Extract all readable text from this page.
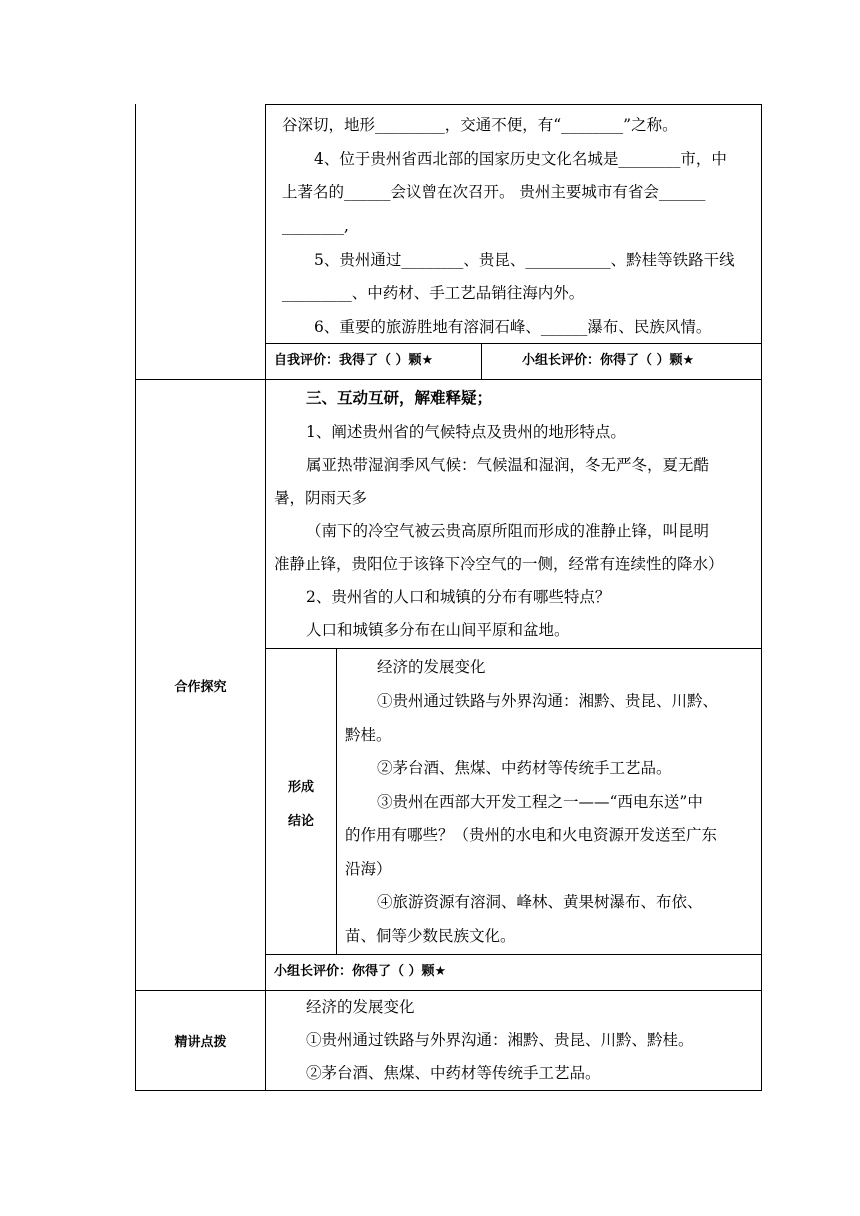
谷深切，地形_________，交通不便，有“________”之称。
4、位于贵州省西北部的国家历史文化名城是________市，中
上著名的______会议曾在次召开。 贵州主要城市有省会______
________,
5、贵州通过________、贵昆、___________、黔桂等铁路干线
_________、中药材、手工艺品销往海内外。
6、重要的旅游胜地有溶洞石峰、______瀑布、民族风情。
自我评价：我得了（ ）颗★	小组长评价：你得了（ ）颗★
合作探究
三、互动互研，解难释疑；
1、阐述贵州省的气候特点及贵州的地形特点。
属亚热带湿润季风气候：气候温和湿润，冬无严冬，夏无酷
暑，阴雨天多
（南下的冷空气被云贵高原所阻而形成的准静止锋，叫昆明
准静止锋，贵阳位于该锋下冷空气的一侧，经常有连续性的降水）
2、贵州省的人口和城镇的分布有哪些特点？
人口和城镇多分布在山间平原和盆地。
形成
结论
经济的发展变化
①贵州通过铁路与外界沟通：湘黔、贵昆、川黔、
黔桂。
②茅台酒、焦煤、中药材等传统手工艺品。
③贵州在西部大开发工程之一——“西电东送”中
的作用有哪些？（贵州的水电和火电资源开发送至广东
沿海）
④旅游资源有溶洞、峰林、黄果树瀑布、布依、
苗、侗等少数民族文化。
小组长评价：你得了（ ）颗★
精讲点拨
经济的发展变化
①贵州通过铁路与外界沟通：湘黔、贵昆、川黔、黔桂。
②茅台酒、焦煤、中药材等传统手工艺品。
